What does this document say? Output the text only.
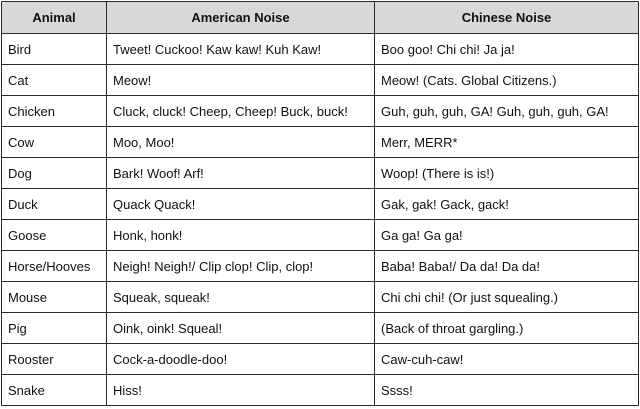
Animal	American Noise	Chinese Noise
Bird	Tweet! Cuckoo! Kaw kaw! Kuh Kaw!	Boo goo! Chi chi! Ja ja!
Cat	Meow!	Meow! (Cats. Global Citizens.)
Chicken	Cluck, cluck! Cheep, Cheep! Buck, buck!	Guh, guh, guh, GA! Guh, guh, guh, GA!
Cow	Moo, Moo!	Merr, MERR*
Dog	Bark! Woof! Arf!	Woop! (There is is!)
Duck	Quack Quack!	Gak, gak! Gack, gack!
Goose	Honk, honk!	Ga ga! Ga ga!
Horse/Hooves	Neigh! Neigh!/ Clip clop! Clip, clop!	Baba! Baba!/ Da da! Da da!
Mouse	Squeak, squeak!	Chi chi chi! (Or just squealing.)
Pig	Oink, oink! Squeal!	(Back of throat gargling.)
Rooster	Cock-a-doodle-doo!	Caw-cuh-caw!
Snake	Hiss!	Ssss!
